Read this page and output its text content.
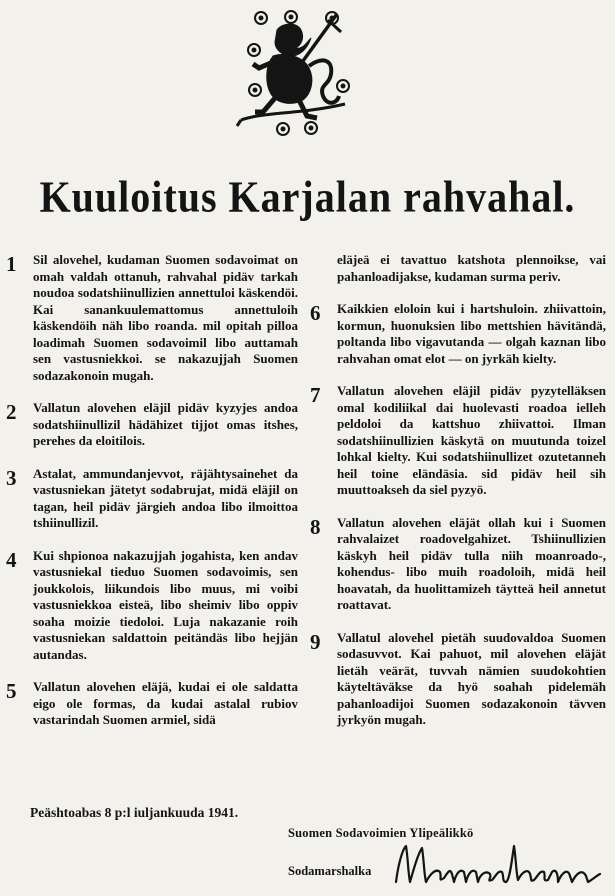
Kuuloitus Karjalan rahvahal.
1 Sil alovehel, kudaman Suomen sodavoimat on omah valdah ottanuh, rahvahal pidäv tarkah noudoa sodatshiinullizien annettuloi käskendöi. Kai sanankuulemattomus annettuloih käskendöih näh libo roanda. mil opitah pilloa loadimah Suomen sodavoimil libo auttamah sen vastusniekkoi. se nakazujjah Suomen sodazakonoin mugah.
2 Vallatun alovehen eläjil pidäv kyzyjes andoa sodatshiinullizil hädähizet tijjot omas itshes, perehes da eloitilois.
3 Astalat, ammundanjevvot, räjähtysainehet da vastusniekan jätetyt sodabrujat, midä eläjil on tagan, heil pidäv järgieh andoa libo ilmoittoa tshiinullizil.
4 Kui shpionoa nakazujjah jogahista, ken andav vastusniekal tieduo Suomen sodavoimis, sen joukkolois, liikundois libo muus, mi voibi vastusniekkoa eisteä, libo sheimiv libo oppiv soaha moizie tiedoloi. Luja nakazanie roih vastusniekan saldattoin peitändäs libo hejjän autandas.
5 Vallatun alovehen eläjä, kudai ei ole saldatta eigo ole formas, da kudai astalal rubiov vastarindah Suomen armiel, sidä
eläjeä ei tavattuo katshota plennoikse, vai pahanloadijakse, kudaman surma periv.
6 Kaikkien eloloin kui i hartshuloin. zhiivattoin, kormun, huonuksien libo mettshien hävitändä, poltanda libo vigavutanda — olgah kaznan libo rahvahan omat elot — on jyrkäh kielty.
7 Vallatun alovehen eläjil pidäv pyzytelläksen omal kodiliikal dai huolevasti roadoa ielleh peldoloi da kattshuo zhiivattoi. Ilman sodatshiinullizien käskytä on muutunda toizel lohkal kielty. Kui sodatshiinullizet ozutetanneh heil toine eländäsia. sid pidäv heil sih muuttoakseh da siel pyzyö.
8 Vallatun alovehen eläjät ollah kui i Suomen rahvalaizet roadovelgahizet. Tshiinullizien käskyh heil pidäv tulla niih moanroado-, kohendus- libo muih roadoloih, midä heil hoavatah, da huolittamizeh täytteä heil annetut roattavat.
9 Vallatul alovehel pietäh suudovaldoa Suomen sodasuvvot. Kai pahuot, mil alovehen eläjät lietäh veärät, tuvvah nämien suudokohtien käyteltäväkse da hyö soahah pidelemäh pahanloadijoi Suomen sodazakonoin tävven jyrkyön mugah.
Peäshtoabas 8 p:l iuljankuuda 1941.
Suomen Sodavoimien Ylipeälikkö
Sodamarshalka
